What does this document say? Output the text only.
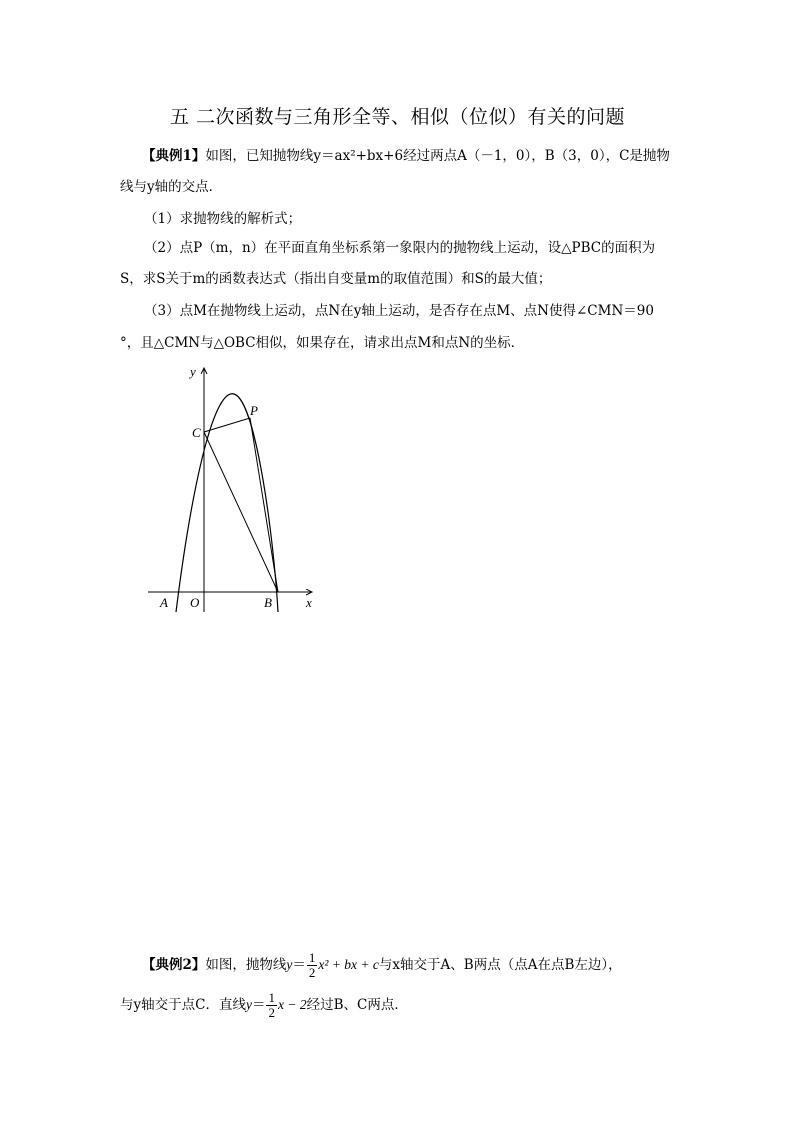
五 二次函数与三角形全等、相似（位似）有关的问题
【典例1】如图，已知抛物线y＝ax²+bx+6经过两点A（－1，0），B（3，0），C是抛物
线与y轴的交点．
（1）求抛物线的解析式；
（2）点P（m，n）在平面直角坐标系第一象限内的抛物线上运动，设△PBC的面积为
S，求S关于m的函数表达式（指出自变量m的取值范围）和S的最大值；
（3）点M在抛物线上运动，点N在y轴上运动，是否存在点M、点N使得∠CMN＝90
°，且△CMN与△OBC相似，如果存在，请求出点M和点N的坐标．
y
x
P
C
A O	B
【典例2】如图，抛物线$y= \frac{1}{2} x^2$ + bx + c与x轴交于A、B两点（点A在点B左边），
与y轴交于点C．直线$y= \frac{1}{2}$ x − 2经过B、C两点．
